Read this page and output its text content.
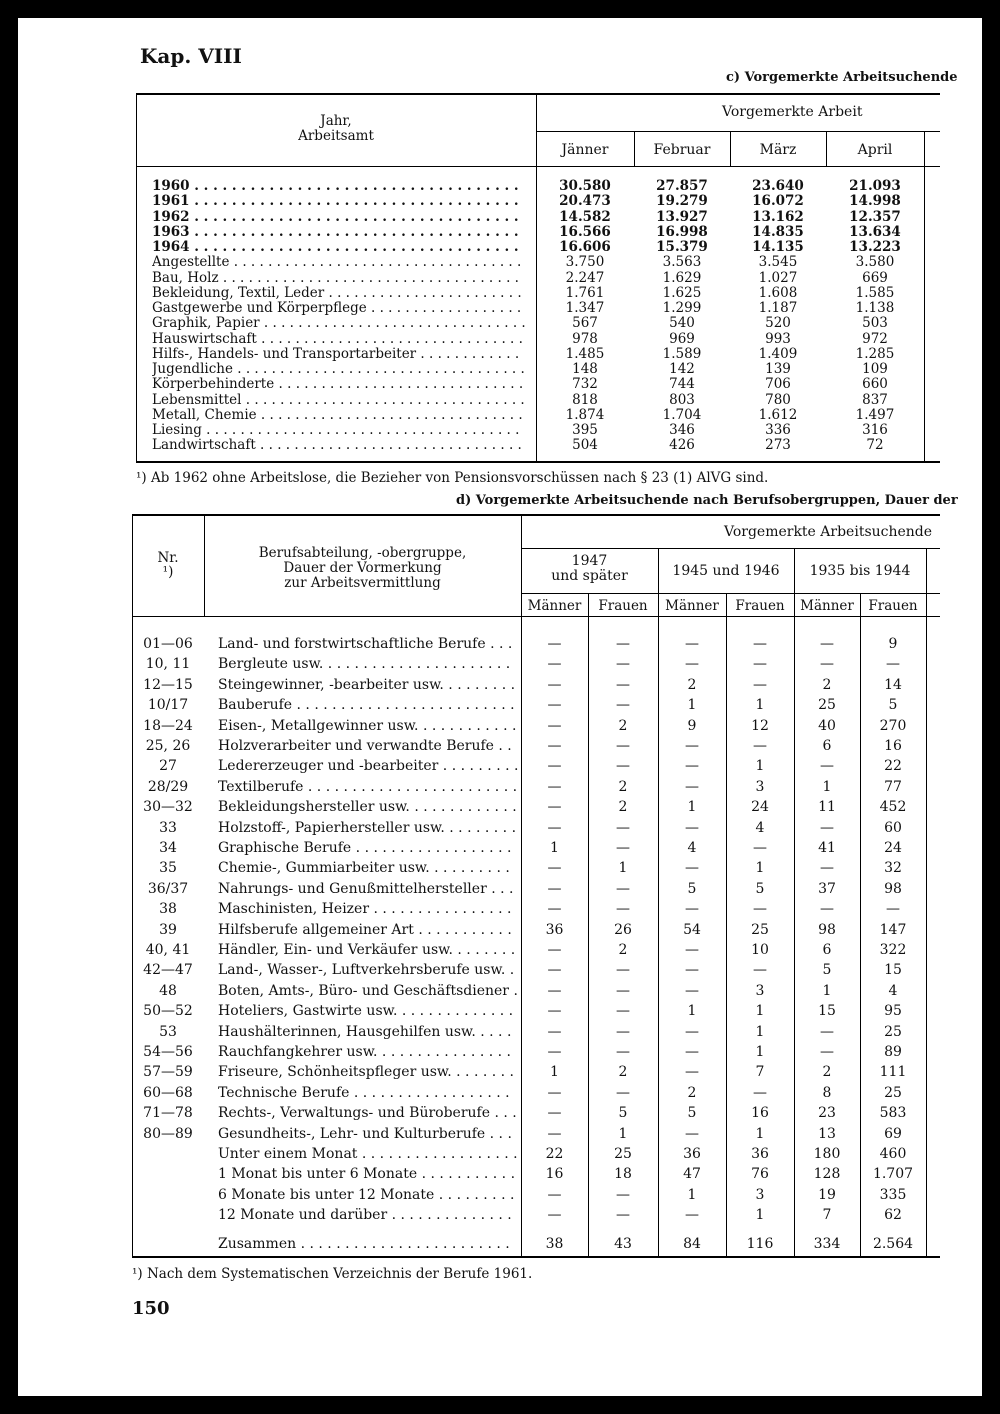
Kap. VIII
c) Vorgemerkte Arbeitsuchende
Jahr,
Arbeitsamt
Vorgemerkte Arbeit
Jänner	Februar	März	April
1960 . . . . . . . . . . . . . . . . . . . . . . . . . . . . . . . . . . .	30.580	27.857	23.640	21.093
1961 . . . . . . . . . . . . . . . . . . . . . . . . . . . . . . . . . . .	20.473	19.279	16.072	14.998
1962 . . . . . . . . . . . . . . . . . . . . . . . . . . . . . . . . . . .	14.582	13.927	13.162	12.357
1963 . . . . . . . . . . . . . . . . . . . . . . . . . . . . . . . . . . .	16.566	16.998	14.835	13.634
1964 . . . . . . . . . . . . . . . . . . . . . . . . . . . . . . . . . . .	16.606	15.379	14.135	13.223
Angestellte . . . . . . . . . . . . . . . . . . . . . . . . . . . . . . . . . .	3.750	3.563	3.545	3.580
Bau, Holz . . . . . . . . . . . . . . . . . . . . . . . . . . . . . . . . . . .	2.247	1.629	1.027	669
Bekleidung, Textil, Leder . . . . . . . . . . . . . . . . . . . . . . .	1.761	1.625	1.608	1.585
Gastgewerbe und Körperpflege . . . . . . . . . . . . . . . . . .	1.347	1.299	1.187	1.138
Graphik, Papier . . . . . . . . . . . . . . . . . . . . . . . . . . . . . . .	567	540	520	503
Hauswirtschaft . . . . . . . . . . . . . . . . . . . . . . . . . . . . . . .	978	969	993	972
Hilfs-, Handels- und Transportarbeiter . . . . . . . . . . . .	1.485	1.589	1.409	1.285
Jugendliche . . . . . . . . . . . . . . . . . . . . . . . . . . . . . . . . . .	148	142	139	109
Körperbehinderte . . . . . . . . . . . . . . . . . . . . . . . . . . . . .	732	744	706	660
Lebensmittel . . . . . . . . . . . . . . . . . . . . . . . . . . . . . . . . .	818	803	780	837
Metall, Chemie . . . . . . . . . . . . . . . . . . . . . . . . . . . . . . .	1.874	1.704	1.612	1.497
Liesing . . . . . . . . . . . . . . . . . . . . . . . . . . . . . . . . . . . . .	395	346	336	316
Landwirtschaft . . . . . . . . . . . . . . . . . . . . . . . . . . . . . . .	504	426	273	72
¹) Ab 1962 ohne Arbeitslose, die Bezieher von Pensionsvorschüssen nach § 23 (1) AlVG sind.
d) Vorgemerkte Arbeitsuchende nach Berufsobergruppen, Dauer der
Nr.
¹)
Berufsabteilung, -obergruppe,
Dauer der Vormerkung
zur Arbeitsvermittlung
Vorgemerkte Arbeitsuchende
1947
und später	1945 und 1946	1935 bis 1944
Männer	Frauen	Männer	Frauen	Männer	Frauen
01—06	Land- und forstwirtschaftliche Berufe . . .	—	—	—	—	—	9
10, 11	Bergleute usw. . . . . . . . . . . . . . . . . . . . . .	—	—	—	—	—	—
12—15	Steingewinner, -bearbeiter usw. . . . . . . . .	—	—	2	—	2	14
10/17	Bauberufe . . . . . . . . . . . . . . . . . . . . . . . . .	—	—	1	1	25	5
18—24	Eisen-, Metallgewinner usw. . . . . . . . . . . .	—	2	9	12	40	270
25, 26	Holzverarbeiter und verwandte Berufe . .	—	—	—	—	6	16
27	Ledererzeuger und -bearbeiter . . . . . . . . .	—	—	—	1	—	22
28/29	Textilberufe . . . . . . . . . . . . . . . . . . . . . . . .	—	2	—	3	1	77
30—32	Bekleidungshersteller usw. . . . . . . . . . . . .	—	2	1	24	11	452
33	Holzstoff-, Papierhersteller usw. . . . . . . . .	—	—	—	4	—	60
34	Graphische Berufe . . . . . . . . . . . . . . . . . .	1	—	4	—	41	24
35	Chemie-, Gummiarbeiter usw. . . . . . . . . .	—	1	—	1	—	32
36/37	Nahrungs- und Genußmittelhersteller . . .	—	—	5	5	37	98
38	Maschinisten, Heizer . . . . . . . . . . . . . . . .	—	—	—	—	—	—
39	Hilfsberufe allgemeiner Art . . . . . . . . . . .	36	26	54	25	98	147
40, 41	Händler, Ein- und Verkäufer usw. . . . . . . .	—	2	—	10	6	322
42—47	Land-, Wasser-, Luftverkehrsberufe usw. .	—	—	—	—	5	15
48	Boten, Amts-, Büro- und Geschäftsdiener .	—	—	—	3	1	4
50—52	Hoteliers, Gastwirte usw. . . . . . . . . . . . . .	—	—	1	1	15	95
53	Haushälterinnen, Hausgehilfen usw. . . . .	—	—	—	1	—	25
54—56	Rauchfangkehrer usw. . . . . . . . . . . . . . . .	—	—	—	1	—	89
57—59	Friseure, Schönheitspfleger usw. . . . . . . .	1	2	—	7	2	111
60—68	Technische Berufe . . . . . . . . . . . . . . . . . .	—	—	2	—	8	25
71—78	Rechts-, Verwaltungs- und Büroberufe . . .	—	5	5	16	23	583
80—89	Gesundheits-, Lehr- und Kulturberufe . . .	—	1	—	1	13	69
Unter einem Monat . . . . . . . . . . . . . . . . . .	22	25	36	36	180	460
1 Monat bis unter 6 Monate . . . . . . . . . . .	16	18	47	76	128	1.707
6 Monate bis unter 12 Monate . . . . . . . . .	—	—	1	3	19	335
12 Monate und darüber . . . . . . . . . . . . . .	—	—	—	1	7	62
Zusammen . . . . . . . . . . . . . . . . . . . . . . . .	38	43	84	116	334	2.564
¹) Nach dem Systematischen Verzeichnis der Berufe 1961.
150
